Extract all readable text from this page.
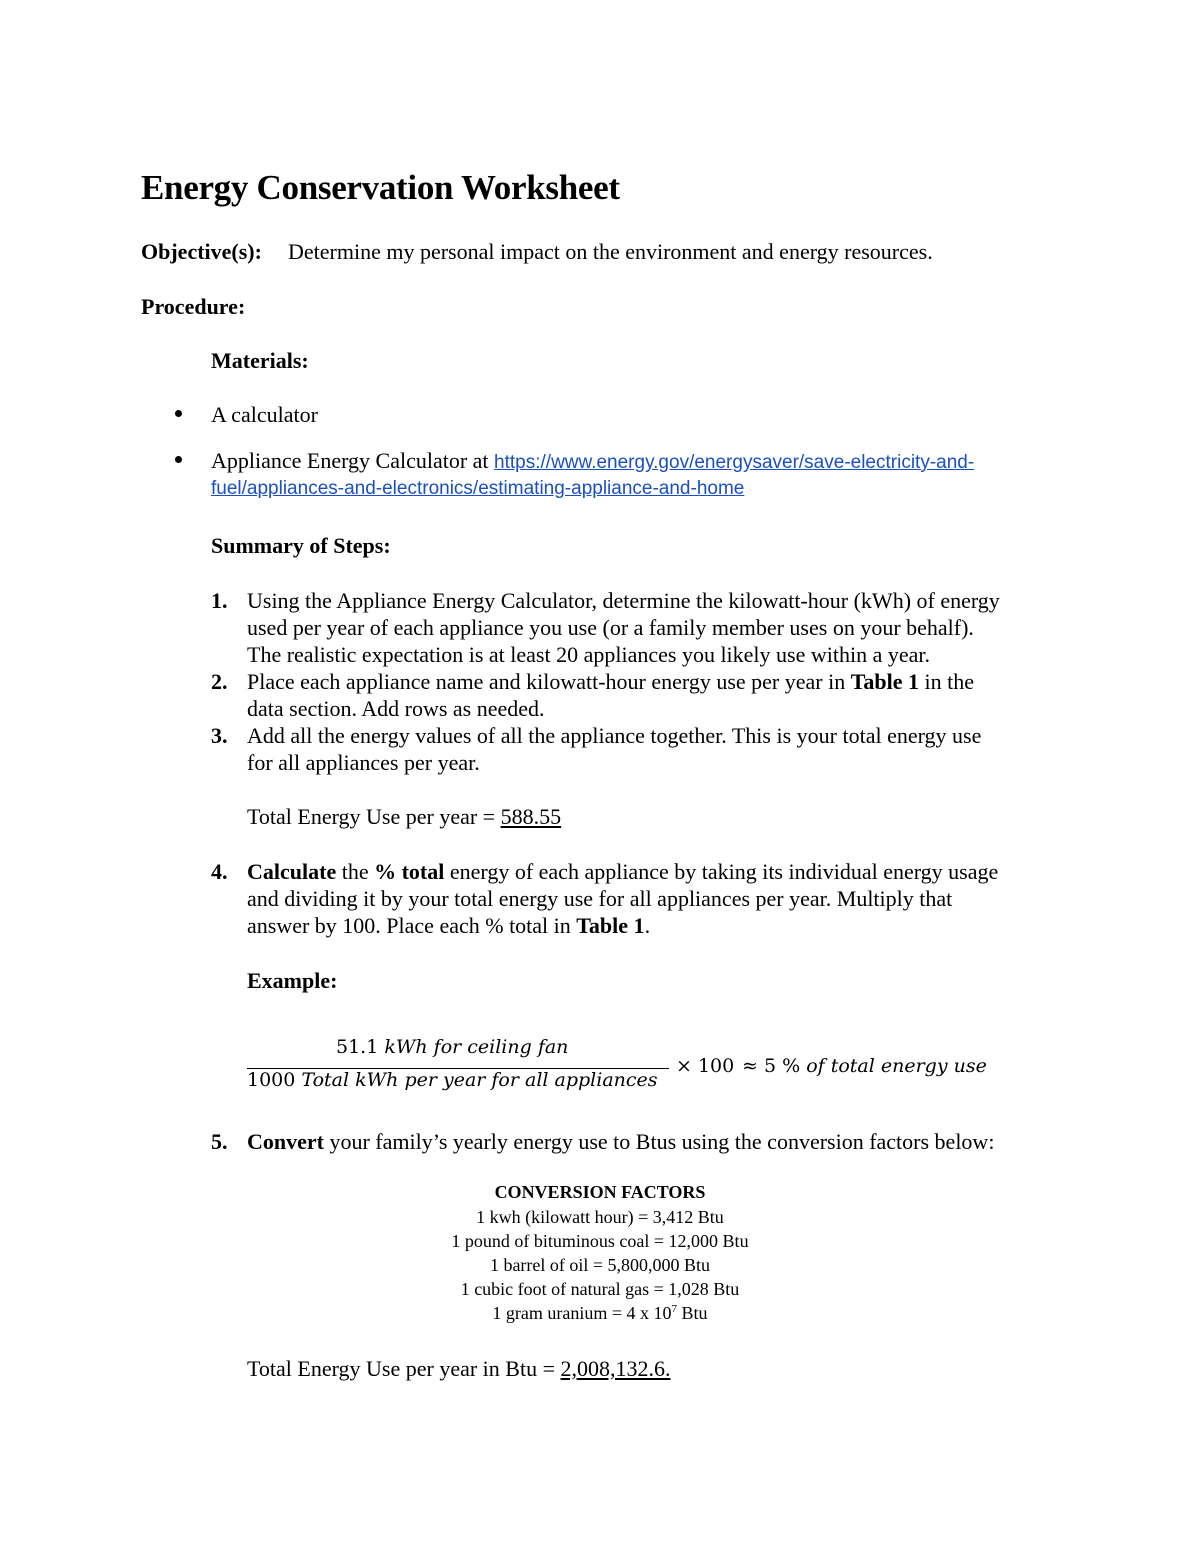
Energy Conservation Worksheet
Objective(s): Determine my personal impact on the environment and energy resources.
Procedure:
Materials:
A calculator
Appliance Energy Calculator at https://www.energy.gov/energysaver/save-electricity-and-
fuel/appliances-and-electronics/estimating-appliance-and-home
Summary of Steps:
1. Using the Appliance Energy Calculator, determine the kilowatt-hour (kWh) of energy
used per year of each appliance you use (or a family member uses on your behalf).
The realistic expectation is at least 20 appliances you likely use within a year.
2. Place each appliance name and kilowatt-hour energy use per year in Table 1 in the
data section. Add rows as needed.
3. Add all the energy values of all the appliance together. This is your total energy use
for all appliances per year.
Total Energy Use per year = 588.55
4. Calculate the % total energy of each appliance by taking its individual energy usage
and dividing it by your total energy use for all appliances per year. Multiply that
answer by 100. Place each % total in Table 1.
Example:
51.1 kWh for ceiling fan
1000 Total kWh per year for all appliances
× 100 ≈ 5 % of total energy use
5. Convert your family’s yearly energy use to Btus using the conversion factors below:
CONVERSION FACTORS
1 kwh (kilowatt hour) = 3,412 Btu
1 pound of bituminous coal = 12,000 Btu
1 barrel of oil = 5,800,000 Btu
1 cubic foot of natural gas = 1,028 Btu
1 gram uranium = 4 x $10^7$ Btu
Total Energy Use per year in Btu = 2,008,132.6.
